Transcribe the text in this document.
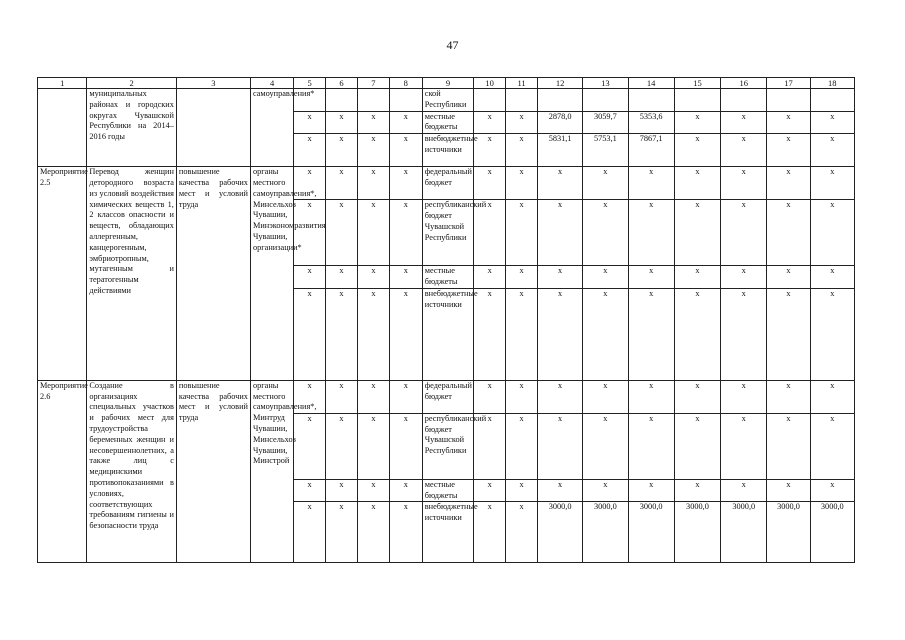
47
1	2	3	4	5	6	7	8	9	10	11	12	13	14	15	16	17	18
	муниципальных районах и городских округах Чувашской Республики на 2014–2016 годы		самоуправления*					ской Республики									
				x	x	x	x	местные бюджеты	x	x	2878,0	3059,7	5353,6	x	x	x	x
				x	x	x	x	внебюджетные источники	x	x	5831,1	5753,1	7867,1	x	x	x	x
Мероприятие 2.5	Перевод женщин детородного возраста из условий воздействия химических веществ 1, 2 классов опасности и веществ, обладающих аллергенным, канцерогенным, эмбриотропным, мутагенным и тератогенным действиями	повышение качества рабочих мест и условий труда	органы местного самоуправления*, Минсельхоз Чувашии, Минэкономразвития Чувашии, организации*	x	x	x	x	федеральный бюджет	x	x	x	x	x	x	x	x	x
				x	x	x	x	республиканский бюджет Чувашской Республики	x	x	x	x	x	x	x	x	x
				x	x	x	x	местные бюджеты	x	x	x	x	x	x	x	x	x
				x	x	x	x	внебюджетные источники	x	x	x	x	x	x	x	x	x
Мероприятие 2.6	Создание в организациях специальных участков и рабочих мест для трудоустройства беременных женщин и несовершеннолетних, а также лиц с медицинскими противопоказаниями в условиях, соответствующих требованиям гигиены и безопасности труда	повышение качества рабочих мест и условий труда	органы местного самоуправления*, Минтруд Чувашии, Минсельхоз Чувашии, Минстрой	x	x	x	x	федеральный бюджет	x	x	x	x	x	x	x	x	x
				x	x	x	x	республиканский бюджет Чувашской Республики	x	x	x	x	x	x	x	x	x
				x	x	x	x	местные бюджеты	x	x	x	x	x	x	x	x	x
				x	x	x	x	внебюджетные источники	x	x	3000,0	3000,0	3000,0	3000,0	3000,0	3000,0	3000,0
